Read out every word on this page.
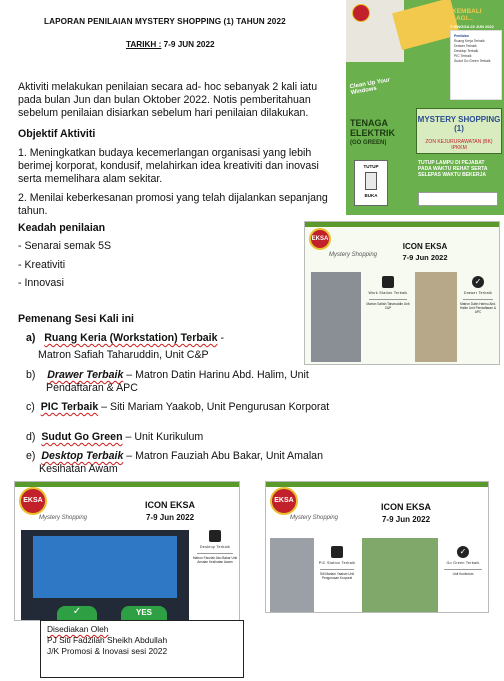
LAPORAN PENILAIAN MYSTERY SHOPPING (1) TAHUN 2022
TARIKH : 7-9 JUN 2022
Aktiviti melakukan penilaian secara ad- hoc sebanyak 2 kali iatu pada bulan Jun dan bulan Oktober 2022. Notis pemberitahuan sebelum penilaian disiarkan sebelum hari penilaian dilakukan.
Objektif Aktiviti
1. Meningkatkan budaya kecemerlangan organisasi yang lebih berimej korporat, kondusif, melahirkan idea kreativiti dan inovasi serta memelihara alam sekitar.
2. Menilai keberkesanan promosi yang telah dijalankan sepanjang tahun.
Keadah penilaian
- Senarai semak 5S
- Kreativiti
- Innovasi
Pemenang Sesi Kali ini
a) Ruang Keria (Workstation) Terbaik -
Matron Safiah Taharuddin, Unit C&P
b) Drawer Terbaik – Matron Datin Harinu Abd. Halim, Unit Pendaftaran & APC
c) PIC Terbaik – Siti Mariam Yaakob, Unit Pengurusan Korporat
d) Sudut Go Green – Unit Kurikulum
e) Desktop Terbaik – Matron Fauziah Abu Bakar, Unit Amalan Kesihatan Awam
KEMBALI LAGI...
7 HINGGA 29 JUN 2022
Penilaian
Ruang Kerja Terbaik
Drawer Terbaik
Desktop Terbaik
PIC Terbaik
Sudut Go Green Terbaik
Clean Up Your Windows
TENAGA ELEKTRIK
(GO GREEN)
TUTUP
BUKA
MYSTERY SHOPPING (1)
ZON KEJURURAWATAN (BK) IPKKM
TUTUP LAMPU DI PEJABAT PADA WAKTU REHAT SERTA SELEPAS WAKTU BEKERJA
EKSA
Mystery Shopping
ICON EKSA
7-9 Jun 2022
Work Station Terbaik
Matron Safiah Taharuddin Unit C&P
✓
Drawer Terbaik
Matron Datin Harinu Abd. Halim Unit Pendaftaran & APC
EKSA
Mystery Shopping
ICON EKSA
7-9 Jun 2022
✓	YES
Desktop Terbaik
Matron Fauziah Abu Bakar Unit Amalan Kesihatan Awam
EKSA
Mystery Shopping
ICON EKSA
7-9 Jun 2022
PIC Station Terbaik
Siti Mariam Yaakob Unit Pengurusan Korporat
✓
Go Green Terbaik
Unit Kurikulum
Disediakan Oleh
PJ Siti Fadzilah Sheikh Abdullah
J/K Promosi & Inovasi sesi 2022
